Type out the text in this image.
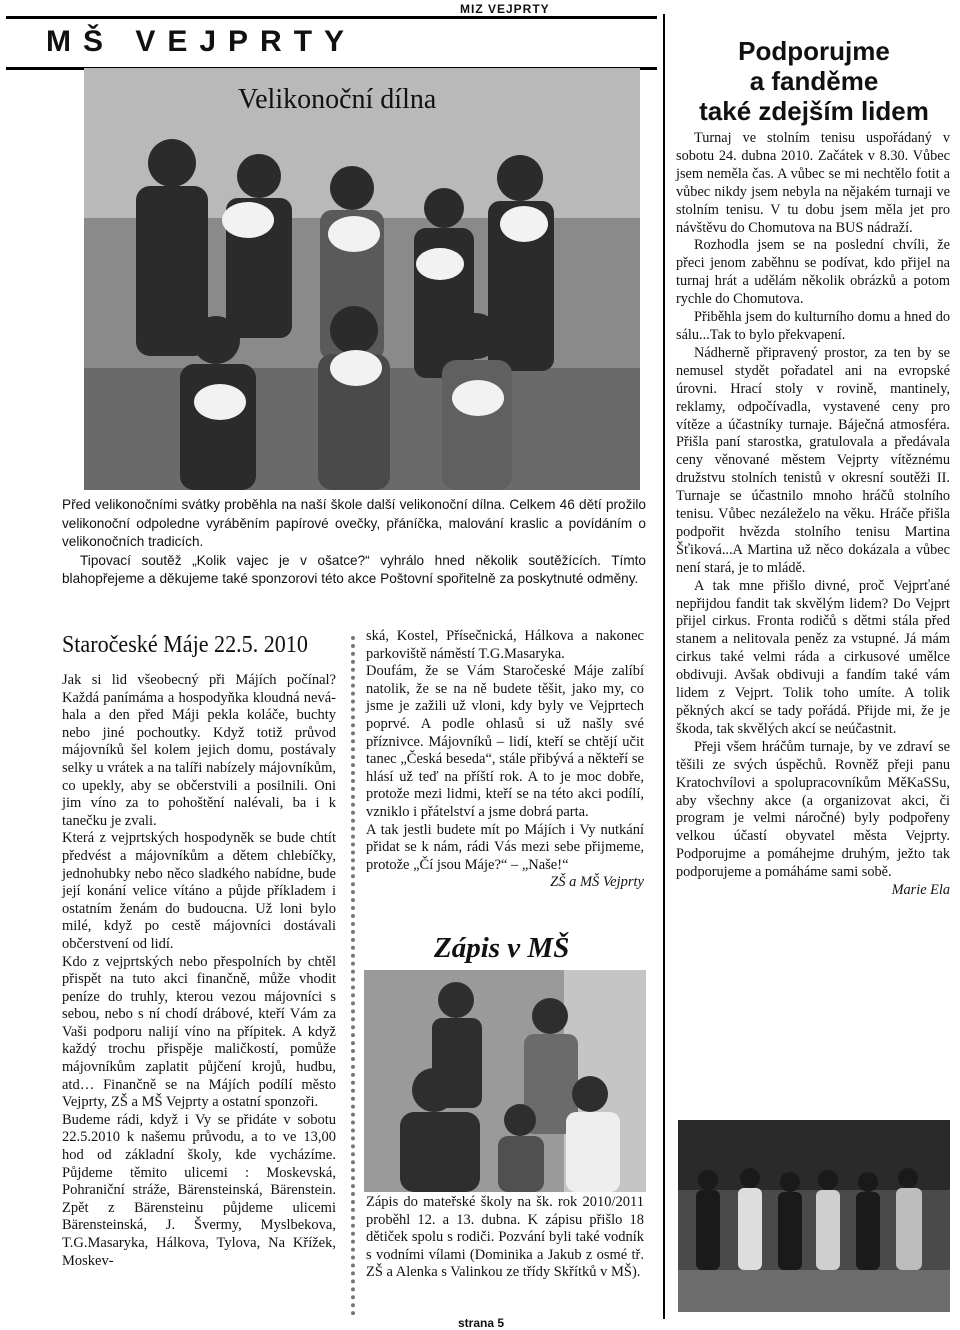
MIZ VEJPRTY
MŠ VEJPRTY
Velikonoční dílna

Před velikonočními svátky proběhla na naší škole další velikonoční dílna. Celkem 46 dětí prožilo velikonoční odpoledne vyráběním papírové ovečky, přáníčka, malování kraslic a povídáním o velikonočních tradicích.

Tipovací soutěž „Kolik vajec je v ošatce?“ vyhrálo hned několik soutěžících. Tímto blahopřejeme a děkujeme také sponzorovi této akce Poštovní spořitelně za poskytnuté odměny.

Staročeské Máje 22.5. 2010

Jak si lid všeobecný při Májích počínal? Každá panímáma a hospodyňka kloudná nevá-hala a den před Máji pekla koláče, buchty nebo jiné pochoutky. Když totiž průvod májovníků šel kolem jejich domu, postávaly selky u vrátek a na talíři nabízely májovníkům, co upekly, aby se občerstvili a posilnili. Oni jim víno za to pohoštění nalévali, ba i k tanečku je zvali.

Která z vejprtských hospodyněk se bude chtít předvést a májovníkům a dětem chlebíčky, jednohubky nebo něco sladkého nabídne, bude její konání velice vítáno a půjde příkladem i ostatním ženám do budoucna. Už loni bylo milé, když po cestě májovníci dostávali občerstvení od lidí.

Kdo z vejprtských nebo přespolních by chtěl přispět na tuto akci finančně, může vhodit peníze do truhly, kterou vezou májovníci s sebou, nebo s ní chodí drábové, kteří Vám za Vaši podporu nalijí víno na přípitek. A když každý trochu přispěje maličkostí, pomůže májovníkům zaplatit půjčení krojů, hudbu, atd… Finančně se na Májích podílí město Vejprty, ZŠ a MŠ Vejprty a ostatní sponzoři.

Budeme rádi, když i Vy se přidáte v sobotu 22.5.2010 k našemu průvodu, a to ve 13,00 hod od základní školy, kde vycházíme. Půjdeme těmito ulicemi : Moskevská, Pohraniční stráže, Bärensteinská, Bärenstein. Zpět z Bärensteinu půjdeme ulicemi Bärensteinská, J. Švermy, Myslbekova, T.G.Masaryka, Hálkova, Tylova, Na Křížek, Moskev-

ská, Kostel, Přísečnická, Hálkova a nakonec parkoviště náměstí T.G.Masaryka.

Doufám, že se Vám Staročeské Máje zalíbí natolik, že se na ně budete těšit, jako my, co jsme je zažili už vloni, kdy byly ve Vejprtech poprvé. A podle ohlasů si už našly své příznivce. Májovníků – lidí, kteří se chtějí učit tanec „Česká beseda“, stále přibývá a někteří se hlásí už teď na příští rok. A to je moc dobře, protože mezi lidmi, kteří se na této akci podílí, vzniklo i přátelství a jsme dobrá parta.

A tak jestli budete mít po Májích i Vy nutkání přidat se k nám, rádi Vás mezi sebe přijmeme, protože „Čí jsou Máje?“ – „Naše!“

ZŠ a MŠ Vejprty

Zápis v MŠ

Zápis do mateřské školy na šk. rok 2010/2011 proběhl 12. a 13. dubna. K zápisu přišlo 18 dětiček spolu s rodiči. Pozvání byli také vodník s vodními vílami (Dominika a Jakub z osmé tř. ZŠ a Alenka s Valinkou ze třídy Skřítků v MŠ).

Podporujme
a fanděme
také zdejším lidem

Turnaj ve stolním tenisu uspořádaný v sobotu 24. dubna 2010. Začátek v 8.30. Vůbec jsem neměla čas. A vůbec se mi nechtělo fotit a vůbec nikdy jsem nebyla na nějakém turnaji ve stolním tenisu. V tu dobu jsem měla jet pro návštěvu do Chomutova na BUS nádraží.

Rozhodla jsem se na poslední chvíli, že přeci jenom zaběhnu se podívat, kdo přijel na turnaj hrát a udělám několik obrázků a potom rychle do Chomutova.

Přiběhla jsem do kulturního domu a hned do sálu...Tak to bylo překvapení.

Nádherně připravený prostor, za ten by se nemusel stydět pořadatel ani na evropské úrovni. Hrací stoly v rovině, mantinely, reklamy, odpočívadla, vystavené ceny pro vítěze a účastníky turnaje. Báječná atmosféra. Přišla paní starostka, gratulovala a předávala ceny věnované městem Vejprty vítěznému družstvu stolních tenistů v okresní soutěži II. Turnaje se účastnilo mnoho hráčů stolního tenisu. Vůbec nezáleželo na věku. Hráče přišla podpořit hvězda stolního tenisu Martina Šťiková...A Martina už něco dokázala a vůbec není stará, je to mládě.

A tak mne přišlo divné, proč Vejprťané nepřijdou fandit tak skvělým lidem? Do Vejprt přijel cirkus. Fronta rodičů s dětmi stála před stanem a nelitovala peněz za vstupné. Já mám cirkus také velmi ráda a cirkusové umělce obdivuji. Avšak obdivuji a fandím také vám lidem z Vejprt. Tolik toho umíte. A tolik pěkných akcí se tady pořádá. Přijde mi, že je škoda, tak skvělých akcí se neúčastnit.

Přeji všem hráčům turnaje, by ve zdraví se těšili ze svých úspěchů. Rovněž přeji panu Kratochvílovi a spolupracovníkům MěKaSSu, aby všechny akce (a organizovat akci, či program je velmi náročné) byly podpořeny velkou účastí obyvatel města Vejprty. Podporujme a pomáhejme druhým, ježto tak podporujeme a pomáháme sami sobě.

Marie Ela

strana 5
